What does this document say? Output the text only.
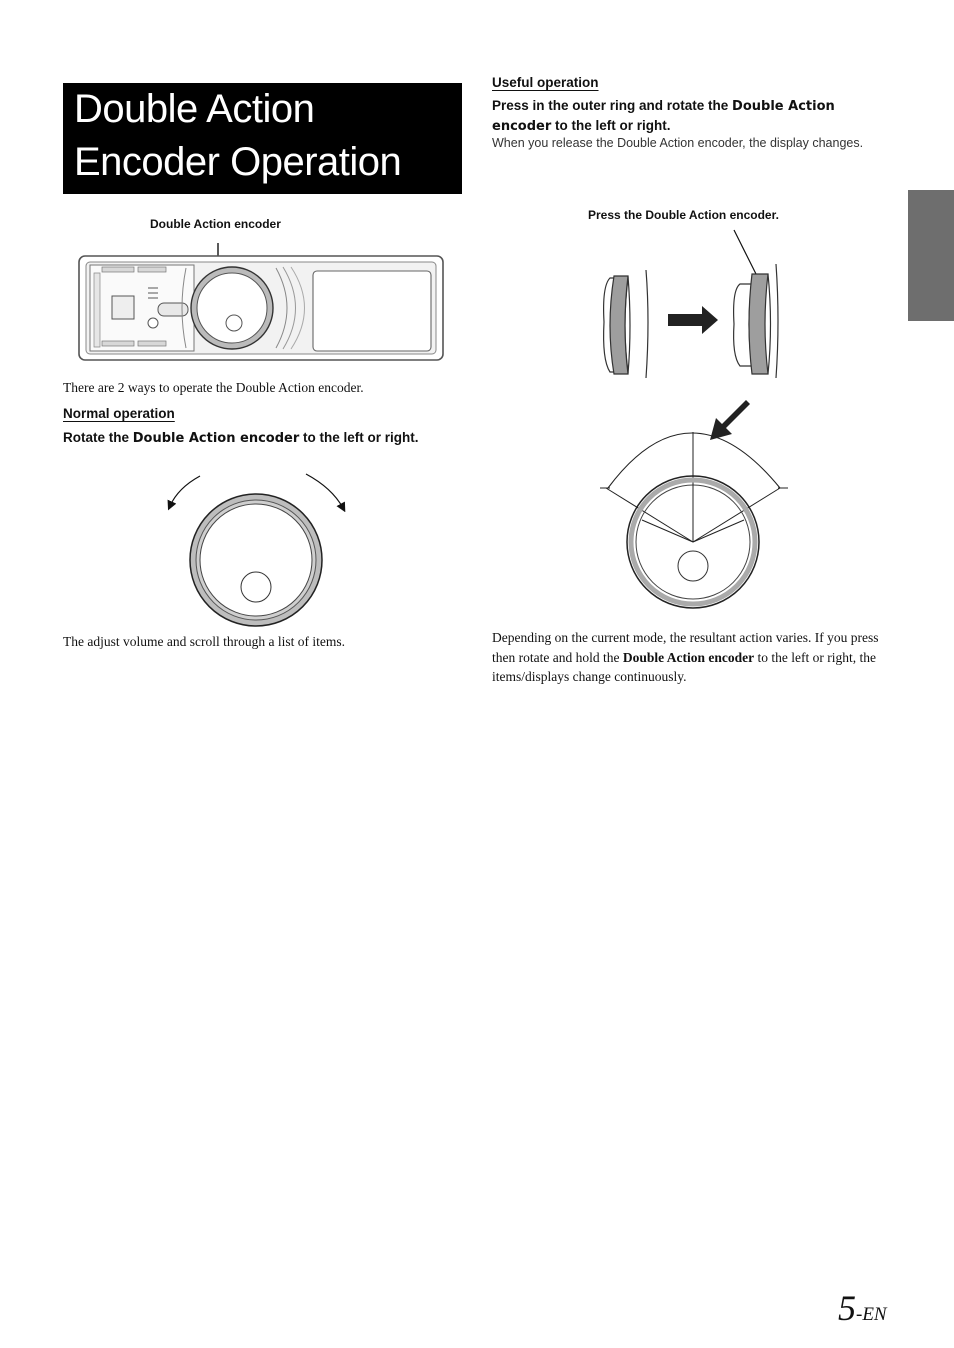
Double Action
Encoder Operation
Double Action encoder
There are 2 ways to operate the Double Action encoder.
Normal operation
Rotate the Double Action encoder to the left or right.
The adjust volume and scroll through a list of items.
Useful operation
Press in the outer ring and rotate the Double Action encoder to the left or right.
When you release the Double Action encoder, the display changes.
Press the Double Action encoder.
Depending on the current mode, the resultant action varies. If you press then rotate and hold the Double Action encoder to the left or right, the items/displays change continuously.
5-EN
